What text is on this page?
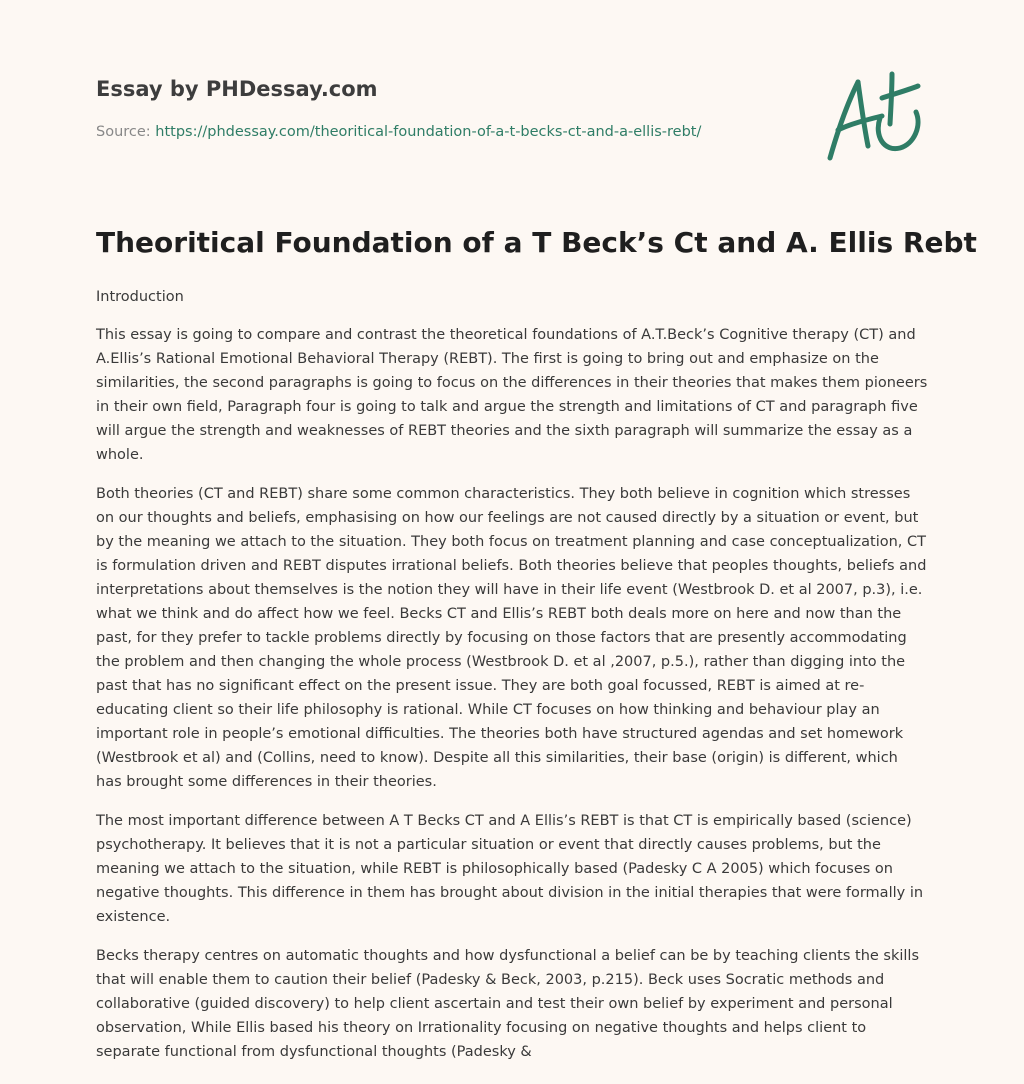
Essay by PHDessay.com
Source: https://phdessay.com/theoritical-foundation-of-a-t-becks-ct-and-a-ellis-rebt/
Theoritical Foundation of a T Beck’s Ct and A. Ellis Rebt

Introduction

This essay is going to compare and contrast the theoretical foundations of A.T.Beck’s Cognitive therapy (CT) and A.Ellis’s Rational Emotional Behavioral Therapy (REBT). The first is going to bring out and emphasize on the similarities, the second paragraphs is going to focus on the differences in their theories that makes them pioneers in their own field, Paragraph four is going to talk and argue the strength and limitations of CT and paragraph five will argue the strength and weaknesses of REBT theories and the sixth paragraph will summarize the essay as a whole.

Both theories (CT and REBT) share some common characteristics. They both believe in cognition which stresses on our thoughts and beliefs, emphasising on how our feelings are not caused directly by a situation or event, but by the meaning we attach to the situation. They both focus on treatment planning and case conceptualization, CT is formulation driven and REBT disputes irrational beliefs. Both theories believe that peoples thoughts, beliefs and interpretations about themselves is the notion they will have in their life event (Westbrook D. et al 2007, p.3), i.e. what we think and do affect how we feel. Becks CT and Ellis’s REBT both deals more on here and now than the past, for they prefer to tackle problems directly by focusing on those factors that are presently accommodating the problem and then changing the whole process (Westbrook D. et al ,2007, p.5.), rather than digging into the past that has no significant effect on the present issue. They are both goal focussed, REBT is aimed at re-educating client so their life philosophy is rational. While CT focuses on how thinking and behaviour play an important role in people’s emotional difficulties. The theories both have structured agendas and set homework (Westbrook et al) and (Collins, need to know). Despite all this similarities, their base (origin) is different, which has brought some differences in their theories.

The most important difference between A T Becks CT and A Ellis’s REBT is that CT is empirically based (science) psychotherapy. It believes that it is not a particular situation or event that directly causes problems, but the meaning we attach to the situation, while REBT is philosophically based (Padesky C A 2005) which focuses on negative thoughts. This difference in them has brought about division in the initial therapies that were formally in existence.

Becks therapy centres on automatic thoughts and how dysfunctional a belief can be by teaching clients the skills that will enable them to caution their belief (Padesky & Beck, 2003, p.215). Beck uses Socratic methods and collaborative (guided discovery) to help client ascertain and test their own belief by experiment and personal observation, While Ellis based his theory on Irrationality focusing on negative thoughts and helps client to separate functional from dysfunctional thoughts (Padesky &
